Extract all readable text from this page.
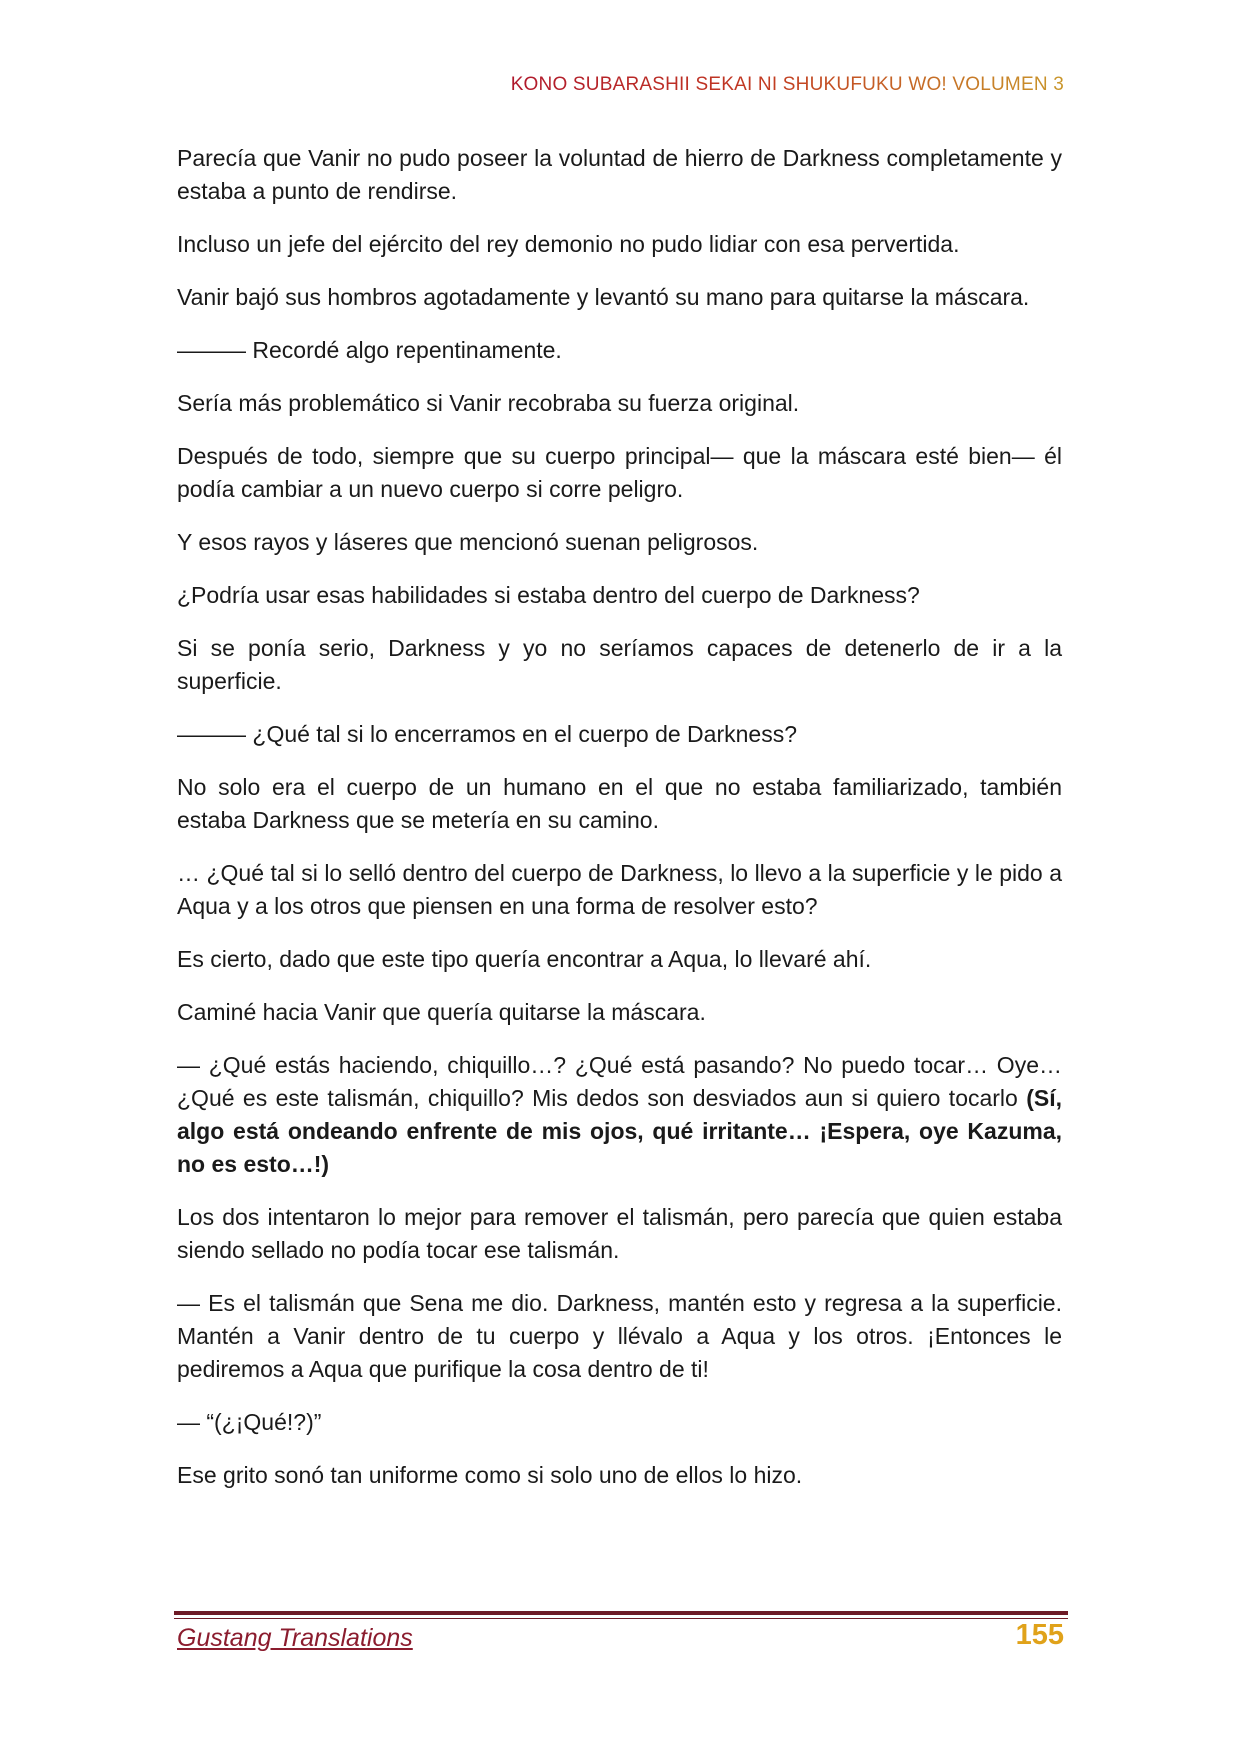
KONO SUBARASHII SEKAI NI SHUKUFUKU WO! VOLUMEN 3

Parecía que Vanir no pudo poseer la voluntad de hierro de Darkness completamente y estaba a punto de rendirse.

Incluso un jefe del ejército del rey demonio no pudo lidiar con esa pervertida.

Vanir bajó sus hombros agotadamente y levantó su mano para quitarse la máscara.

——— Recordé algo repentinamente.

Sería más problemático si Vanir recobraba su fuerza original.

Después de todo, siempre que su cuerpo principal— que la máscara esté bien— él podía cambiar a un nuevo cuerpo si corre peligro.

Y esos rayos y láseres que mencionó suenan peligrosos.

¿Podría usar esas habilidades si estaba dentro del cuerpo de Darkness?

Si se ponía serio, Darkness y yo no seríamos capaces de detenerlo de ir a la superficie.

——— ¿Qué tal si lo encerramos en el cuerpo de Darkness?

No solo era el cuerpo de un humano en el que no estaba familiarizado, también estaba Darkness que se metería en su camino.

… ¿Qué tal si lo selló dentro del cuerpo de Darkness, lo llevo a la superficie y le pido a Aqua y a los otros que piensen en una forma de resolver esto?

Es cierto, dado que este tipo quería encontrar a Aqua, lo llevaré ahí.

Caminé hacia Vanir que quería quitarse la máscara.

— ¿Qué estás haciendo, chiquillo…? ¿Qué está pasando? No puedo tocar… Oye… ¿Qué es este talismán, chiquillo? Mis dedos son desviados aun si quiero tocarlo (Sí, algo está ondeando enfrente de mis ojos, qué irritante… ¡Espera, oye Kazuma, no es esto…!)

Los dos intentaron lo mejor para remover el talismán, pero parecía que quien estaba siendo sellado no podía tocar ese talismán.

— Es el talismán que Sena me dio. Darkness, mantén esto y regresa a la superficie. Mantén a Vanir dentro de tu cuerpo y llévalo a Aqua y los otros. ¡Entonces le pediremos a Aqua que purifique la cosa dentro de ti!

— “(¿¡Qué!?)”

Ese grito sonó tan uniforme como si solo uno de ellos lo hizo.

Gustang Translations	155
